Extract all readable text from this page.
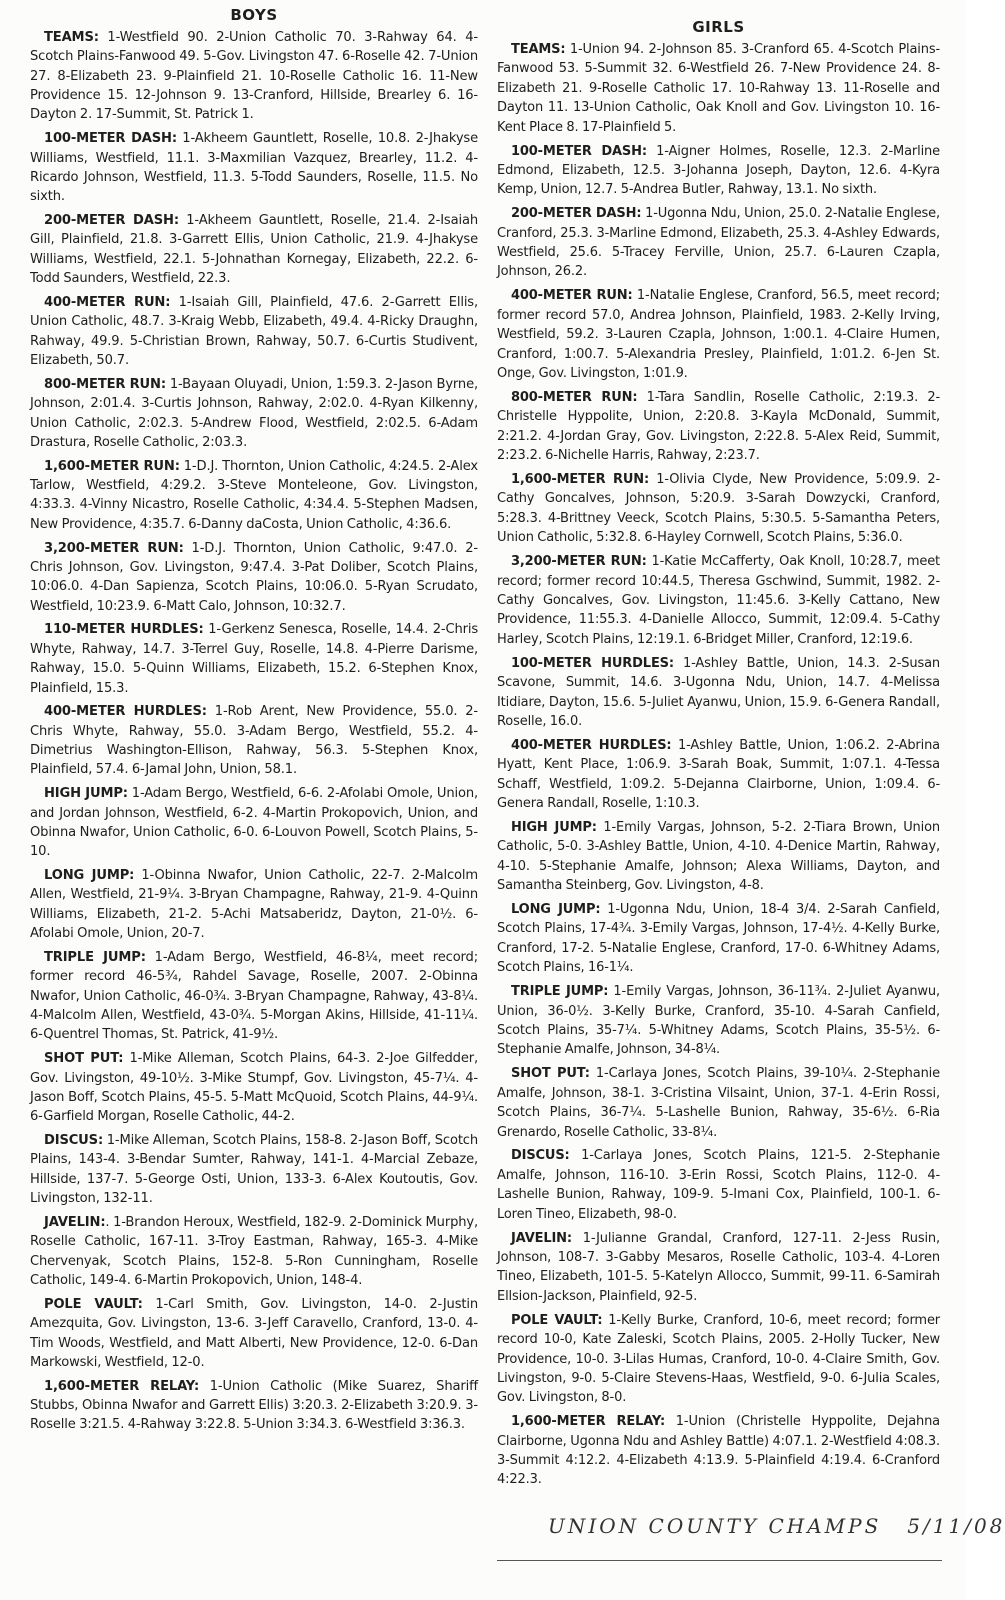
BOYS

TEAMS: 1-Westfield 90. 2-Union Catholic 70. 3-Rahway 64. 4-Scotch Plains-Fanwood 49. 5-Gov. Livingston 47. 6-Roselle 42. 7-Union 27. 8-Elizabeth 23. 9-Plainfield 21. 10-Roselle Catholic 16. 11-New Providence 15. 12-Johnson 9. 13-Cranford, Hillside, Brearley 6. 16-Dayton 2. 17-Summit, St. Patrick 1.

100-METER DASH: 1-Akheem Gauntlett, Roselle, 10.8. 2-Jhakyse Williams, Westfield, 11.1. 3-Maxmilian Vazquez, Brearley, 11.2. 4-Ricardo Johnson, Westfield, 11.3. 5-Todd Saunders, Roselle, 11.5. No sixth.

200-METER DASH: 1-Akheem Gauntlett, Roselle, 21.4. 2-Isaiah Gill, Plainfield, 21.8. 3-Garrett Ellis, Union Catholic, 21.9. 4-Jhakyse Williams, Westfield, 22.1. 5-Johnathan Kornegay, Elizabeth, 22.2. 6-Todd Saunders, Westfield, 22.3.

400-METER RUN: 1-Isaiah Gill, Plainfield, 47.6. 2-Garrett Ellis, Union Catholic, 48.7. 3-Kraig Webb, Elizabeth, 49.4. 4-Ricky Draughn, Rahway, 49.9. 5-Christian Brown, Rahway, 50.7. 6-Curtis Studivent, Elizabeth, 50.7.

800-METER RUN: 1-Bayaan Oluyadi, Union, 1:59.3. 2-Jason Byrne, Johnson, 2:01.4. 3-Curtis Johnson, Rahway, 2:02.0. 4-Ryan Kilkenny, Union Catholic, 2:02.3. 5-Andrew Flood, Westfield, 2:02.5. 6-Adam Drastura, Roselle Catholic, 2:03.3.

1,600-METER RUN: 1-D.J. Thornton, Union Catholic, 4:24.5. 2-Alex Tarlow, Westfield, 4:29.2. 3-Steve Monteleone, Gov. Livingston, 4:33.3. 4-Vinny Nicastro, Roselle Catholic, 4:34.4. 5-Stephen Madsen, New Providence, 4:35.7. 6-Danny daCosta, Union Catholic, 4:36.6.

3,200-METER RUN: 1-D.J. Thornton, Union Catholic, 9:47.0. 2-Chris Johnson, Gov. Livingston, 9:47.4. 3-Pat Doliber, Scotch Plains, 10:06.0. 4-Dan Sapienza, Scotch Plains, 10:06.0. 5-Ryan Scrudato, Westfield, 10:23.9. 6-Matt Calo, Johnson, 10:32.7.

110-METER HURDLES: 1-Gerkenz Senesca, Roselle, 14.4. 2-Chris Whyte, Rahway, 14.7. 3-Terrel Guy, Roselle, 14.8. 4-Pierre Darisme, Rahway, 15.0. 5-Quinn Williams, Elizabeth, 15.2. 6-Stephen Knox, Plainfield, 15.3.

400-METER HURDLES: 1-Rob Arent, New Providence, 55.0. 2-Chris Whyte, Rahway, 55.0. 3-Adam Bergo, Westfield, 55.2. 4-Dimetrius Washington-Ellison, Rahway, 56.3. 5-Stephen Knox, Plainfield, 57.4. 6-Jamal John, Union, 58.1.

HIGH JUMP: 1-Adam Bergo, Westfield, 6-6. 2-Afolabi Omole, Union, and Jordan Johnson, Westfield, 6-2. 4-Martin Prokopovich, Union, and Obinna Nwafor, Union Catholic, 6-0. 6-Louvon Powell, Scotch Plains, 5-10.

LONG JUMP: 1-Obinna Nwafor, Union Catholic, 22-7. 2-Malcolm Allen, Westfield, 21-9¼. 3-Bryan Champagne, Rahway, 21-9. 4-Quinn Williams, Elizabeth, 21-2. 5-Achi Matsaberidz, Dayton, 21-0½. 6-Afolabi Omole, Union, 20-7.

TRIPLE JUMP: 1-Adam Bergo, Westfield, 46-8¼, meet record; former record 46-5¾, Rahdel Savage, Roselle, 2007. 2-Obinna Nwafor, Union Catholic, 46-0¾. 3-Bryan Champagne, Rahway, 43-8¼. 4-Malcolm Allen, Westfield, 43-0¾. 5-Morgan Akins, Hillside, 41-11¼. 6-Quentrel Thomas, St. Patrick, 41-9½.

SHOT PUT: 1-Mike Alleman, Scotch Plains, 64-3. 2-Joe Gilfedder, Gov. Livingston, 49-10½. 3-Mike Stumpf, Gov. Livingston, 45-7¼. 4-Jason Boff, Scotch Plains, 45-5. 5-Matt McQuoid, Scotch Plains, 44-9¼. 6-Garfield Morgan, Roselle Catholic, 44-2.

DISCUS: 1-Mike Alleman, Scotch Plains, 158-8. 2-Jason Boff, Scotch Plains, 143-4. 3-Bendar Sumter, Rahway, 141-1. 4-Marcial Zebaze, Hillside, 137-7. 5-George Osti, Union, 133-3. 6-Alex Koutoutis, Gov. Livingston, 132-11.

JAVELIN:. 1-Brandon Heroux, Westfield, 182-9. 2-Dominick Murphy, Roselle Catholic, 167-11. 3-Troy Eastman, Rahway, 165-3. 4-Mike Chervenyak, Scotch Plains, 152-8. 5-Ron Cunningham, Roselle Catholic, 149-4. 6-Martin Prokopovich, Union, 148-4.

POLE VAULT: 1-Carl Smith, Gov. Livingston, 14-0. 2-Justin Amezquita, Gov. Livingston, 13-6. 3-Jeff Caravello, Cranford, 13-0. 4-Tim Woods, Westfield, and Matt Alberti, New Providence, 12-0. 6-Dan Markowski, Westfield, 12-0.

1,600-METER RELAY: 1-Union Catholic (Mike Suarez, Shariff Stubbs, Obinna Nwafor and Garrett Ellis) 3:20.3. 2-Elizabeth 3:20.9. 3-Roselle 3:21.5. 4-Rahway 3:22.8. 5-Union 3:34.3. 6-Westfield 3:36.3.

GIRLS

TEAMS: 1-Union 94. 2-Johnson 85. 3-Cranford 65. 4-Scotch Plains-Fanwood 53. 5-Summit 32. 6-Westfield 26. 7-New Providence 24. 8-Elizabeth 21. 9-Roselle Catholic 17. 10-Rahway 13. 11-Roselle and Dayton 11. 13-Union Catholic, Oak Knoll and Gov. Livingston 10. 16-Kent Place 8. 17-Plainfield 5.

100-METER DASH: 1-Aigner Holmes, Roselle, 12.3. 2-Marline Edmond, Elizabeth, 12.5. 3-Johanna Joseph, Dayton, 12.6. 4-Kyra Kemp, Union, 12.7. 5-Andrea Butler, Rahway, 13.1. No sixth.

200-METER DASH: 1-Ugonna Ndu, Union, 25.0. 2-Natalie Englese, Cranford, 25.3. 3-Marline Edmond, Elizabeth, 25.3. 4-Ashley Edwards, Westfield, 25.6. 5-Tracey Ferville, Union, 25.7. 6-Lauren Czapla, Johnson, 26.2.

400-METER RUN: 1-Natalie Englese, Cranford, 56.5, meet record; former record 57.0, Andrea Johnson, Plainfield, 1983. 2-Kelly Irving, Westfield, 59.2. 3-Lauren Czapla, Johnson, 1:00.1. 4-Claire Humen, Cranford, 1:00.7. 5-Alexandria Presley, Plainfield, 1:01.2. 6-Jen St. Onge, Gov. Livingston, 1:01.9.

800-METER RUN: 1-Tara Sandlin, Roselle Catholic, 2:19.3. 2-Christelle Hyppolite, Union, 2:20.8. 3-Kayla McDonald, Summit, 2:21.2. 4-Jordan Gray, Gov. Livingston, 2:22.8. 5-Alex Reid, Summit, 2:23.2. 6-Nichelle Harris, Rahway, 2:23.7.

1,600-METER RUN: 1-Olivia Clyde, New Providence, 5:09.9. 2-Cathy Goncalves, Johnson, 5:20.9. 3-Sarah Dowzycki, Cranford, 5:28.3. 4-Brittney Veeck, Scotch Plains, 5:30.5. 5-Samantha Peters, Union Catholic, 5:32.8. 6-Hayley Cornwell, Scotch Plains, 5:36.0.

3,200-METER RUN: 1-Katie McCafferty, Oak Knoll, 10:28.7, meet record; former record 10:44.5, Theresa Gschwind, Summit, 1982. 2-Cathy Goncalves, Gov. Livingston, 11:45.6. 3-Kelly Cattano, New Providence, 11:55.3. 4-Danielle Allocco, Summit, 12:09.4. 5-Cathy Harley, Scotch Plains, 12:19.1. 6-Bridget Miller, Cranford, 12:19.6.

100-METER HURDLES: 1-Ashley Battle, Union, 14.3. 2-Susan Scavone, Summit, 14.6. 3-Ugonna Ndu, Union, 14.7. 4-Melissa Itidiare, Dayton, 15.6. 5-Juliet Ayanwu, Union, 15.9. 6-Genera Randall, Roselle, 16.0.

400-METER HURDLES: 1-Ashley Battle, Union, 1:06.2. 2-Abrina Hyatt, Kent Place, 1:06.9. 3-Sarah Boak, Summit, 1:07.1. 4-Tessa Schaff, Westfield, 1:09.2. 5-Dejanna Clairborne, Union, 1:09.4. 6-Genera Randall, Roselle, 1:10.3.

HIGH JUMP: 1-Emily Vargas, Johnson, 5-2. 2-Tiara Brown, Union Catholic, 5-0. 3-Ashley Battle, Union, 4-10. 4-Denice Martin, Rahway, 4-10. 5-Stephanie Amalfe, Johnson; Alexa Williams, Dayton, and Samantha Steinberg, Gov. Livingston, 4-8.

LONG JUMP: 1-Ugonna Ndu, Union, 18-4 3/4. 2-Sarah Canfield, Scotch Plains, 17-4¾. 3-Emily Vargas, Johnson, 17-4½. 4-Kelly Burke, Cranford, 17-2. 5-Natalie Englese, Cranford, 17-0. 6-Whitney Adams, Scotch Plains, 16-1¼.

TRIPLE JUMP: 1-Emily Vargas, Johnson, 36-11¾. 2-Juliet Ayanwu, Union, 36-0½. 3-Kelly Burke, Cranford, 35-10. 4-Sarah Canfield, Scotch Plains, 35-7¼. 5-Whitney Adams, Scotch Plains, 35-5½. 6-Stephanie Amalfe, Johnson, 34-8¼.

SHOT PUT: 1-Carlaya Jones, Scotch Plains, 39-10¼. 2-Stephanie Amalfe, Johnson, 38-1. 3-Cristina Vilsaint, Union, 37-1. 4-Erin Rossi, Scotch Plains, 36-7¼. 5-Lashelle Bunion, Rahway, 35-6½. 6-Ria Grenardo, Roselle Catholic, 33-8¼.

DISCUS: 1-Carlaya Jones, Scotch Plains, 121-5. 2-Stephanie Amalfe, Johnson, 116-10. 3-Erin Rossi, Scotch Plains, 112-0. 4-Lashelle Bunion, Rahway, 109-9. 5-Imani Cox, Plainfield, 100-1. 6-Loren Tineo, Elizabeth, 98-0.

JAVELIN: 1-Julianne Grandal, Cranford, 127-11. 2-Jess Rusin, Johnson, 108-7. 3-Gabby Mesaros, Roselle Catholic, 103-4. 4-Loren Tineo, Elizabeth, 101-5. 5-Katelyn Allocco, Summit, 99-11. 6-Samirah Ellsion-Jackson, Plainfield, 92-5.

POLE VAULT: 1-Kelly Burke, Cranford, 10-6, meet record; former record 10-0, Kate Zaleski, Scotch Plains, 2005. 2-Holly Tucker, New Providence, 10-0. 3-Lilas Humas, Cranford, 10-0. 4-Claire Smith, Gov. Livingston, 9-0. 5-Claire Stevens-Haas, Westfield, 9-0. 6-Julia Scales, Gov. Livingston, 8-0.

1,600-METER RELAY: 1-Union (Christelle Hyppolite, Dejahna Clairborne, Ugonna Ndu and Ashley Battle) 4:07.1. 2-Westfield 4:08.3. 3-Summit 4:12.2. 4-Elizabeth 4:13.9. 5-Plainfield 4:19.4. 6-Cranford 4:22.3.

UNION COUNTY CHAMPS 5/11/08
